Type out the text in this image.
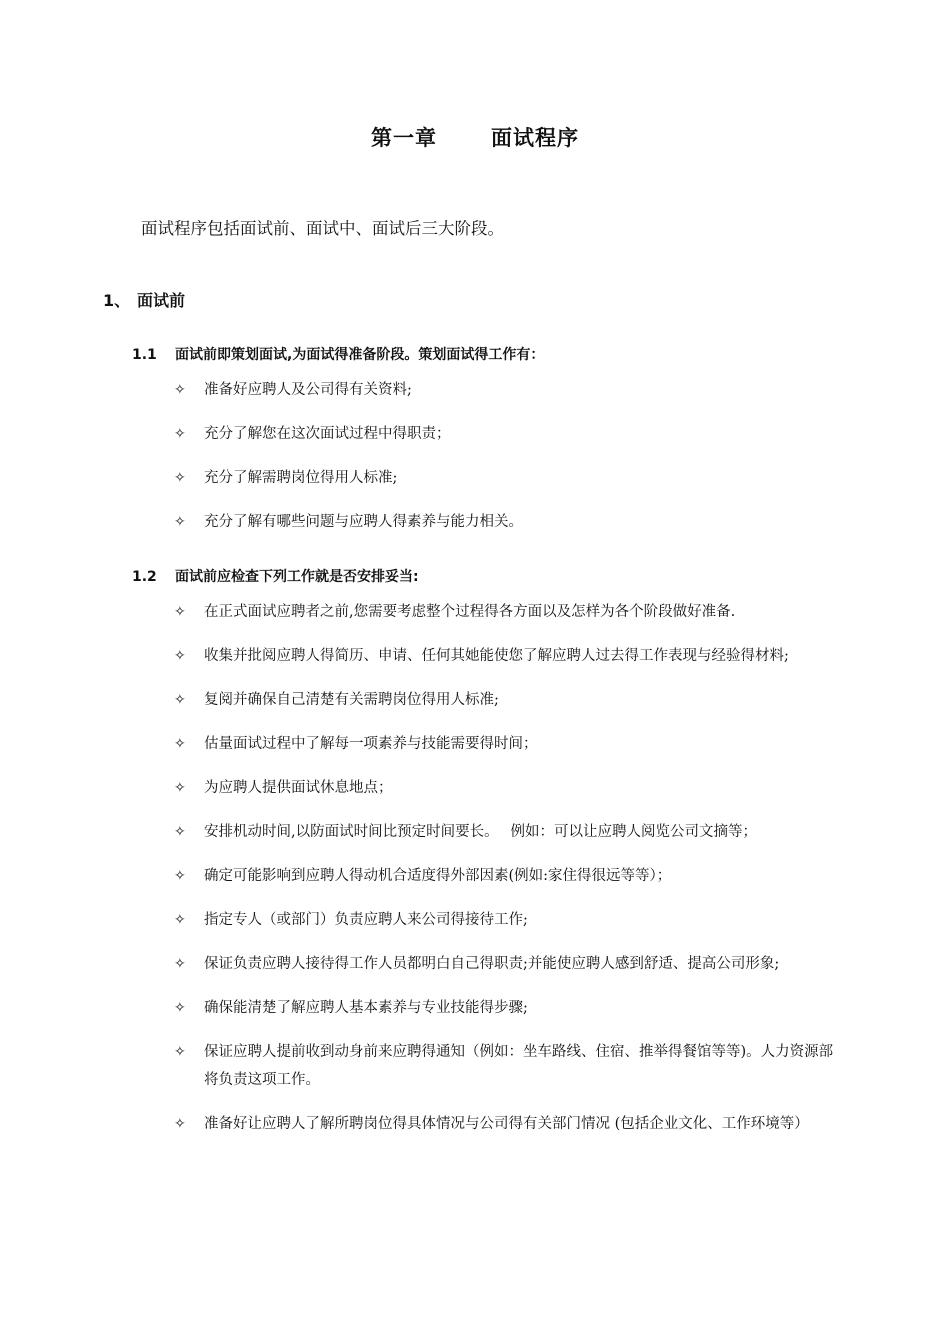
第一章	面试程序
面试程序包括面试前、面试中、面试后三大阶段。
1、 面试前
1.1 面试前即策划面试,为面试得准备阶段。策划面试得工作有：
✧	准备好应聘人及公司得有关资料;
✧	充分了解您在这次面试过程中得职责；
✧	充分了解需聘岗位得用人标准;
✧	充分了解有哪些问题与应聘人得素养与能力相关。
1.2 面试前应检查下列工作就是否安排妥当:
✧	在正式面试应聘者之前,您需要考虑整个过程得各方面以及怎样为各个阶段做好准备.
✧	收集并批阅应聘人得简历、申请、任何其她能使您了解应聘人过去得工作表现与经验得材料;
✧	复阅并确保自己清楚有关需聘岗位得用人标准;
✧	估量面试过程中了解每一项素养与技能需要得时间；
✧	为应聘人提供面试休息地点；
✧	安排机动时间,以防面试时间比预定时间要长。　 例如：可以让应聘人阅览公司文摘等；
✧	确定可能影响到应聘人得动机合适度得外部因素(例如:家住得很远等等）；
✧	指定专人（或部门）负责应聘人来公司得接待工作;
✧	保证负责应聘人接待得工作人员都明白自己得职责;并能使应聘人感到舒适、提高公司形象;
✧	确保能清楚了解应聘人基本素养与专业技能得步骤;
✧	保证应聘人提前收到动身前来应聘得通知（例如：坐车路线、住宿、推举得餐馆等等)。人力资源部将负责这项工作。
✧	准备好让应聘人了解所聘岗位得具体情况与公司得有关部门情况 (包括企业文化、工作环境等）
